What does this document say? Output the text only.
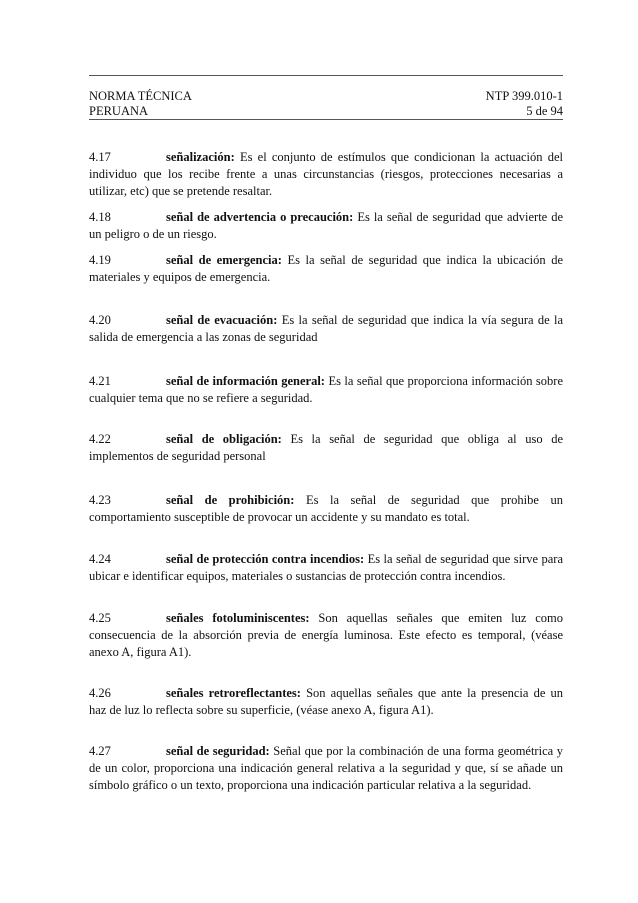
NORMA TÉCNICA
PERUANA
NTP 399.010-1
5 de 94
4.17	señalización: Es el conjunto de estímulos que condicionan la actuación del individuo que los recibe frente a unas circunstancias (riesgos, protecciones necesarias a utilizar, etc) que se pretende resaltar.
4.18	señal de advertencia o precaución: Es la señal de seguridad que advierte de un peligro o de un riesgo.
4.19	señal de emergencia: Es la señal de seguridad que indica la ubicación de materiales y equipos de emergencia.
4.20	señal de evacuación: Es la señal de seguridad que indica la vía segura de la salida de emergencia a las zonas de seguridad
4.21	señal de información general: Es la señal que proporciona información sobre cualquier tema que no se refiere a seguridad.
4.22	señal de obligación: Es la señal de seguridad que obliga al uso de implementos de seguridad personal
4.23	señal de prohibición: Es la señal de seguridad que prohibe un comportamiento susceptible de provocar un accidente y su mandato es total.
4.24	señal de protección contra incendios: Es la señal de seguridad que sirve para ubicar e identificar equipos, materiales o sustancias de protección contra incendios.
4.25	señales fotoluminiscentes: Son aquellas señales que emiten luz como consecuencia de la absorción previa de energía luminosa. Este efecto es temporal, (véase anexo A, figura A1).
4.26	señales retroreflectantes: Son aquellas señales que ante la presencia de un haz de luz lo reflecta sobre su superficie, (véase anexo A, figura A1).
4.27	señal de seguridad: Señal que por la combinación de una forma geométrica y de un color, proporciona una indicación general relativa a la seguridad y que, sí se añade un símbolo gráfico o un texto, proporciona una indicación particular relativa a la seguridad.
